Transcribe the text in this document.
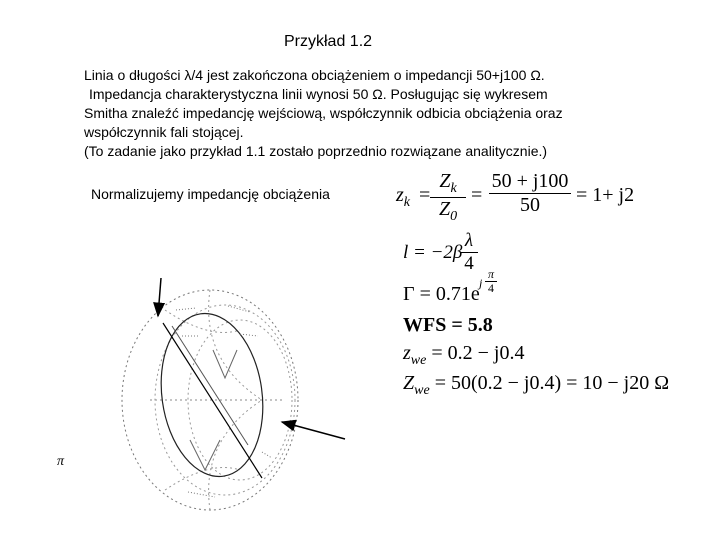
Przykład 1.2
Linia o długości λ/4 jest zakończona obciążeniem o impedancji 50+j100 Ω.
Impedancja charakterystyczna linii wynosi 50 Ω. Posługując się wykresem
Smitha znaleźć impedancję wejściową, współczynnik odbicia obciążenia oraz
współczynnik fali stojącej.
(To zadanie jako przykład 1.1 zostało poprzednio rozwiązane analitycznie.)
Normalizujemy impedancję obciążenia	$z_k = \frac{Z_k}{Z_0} = \frac{50 + j100}{50} = 1+ j2$
l = −2β
$\frac{\lambda}{4}$
Γ = 0.71e j $\frac{\pi}{4}$
WFS = 5.8
$z_{we} = 0.2 - j0.4$
$Z_{we} = 50(0.2 - j0.4) = 10 - j20$ Ω
π
